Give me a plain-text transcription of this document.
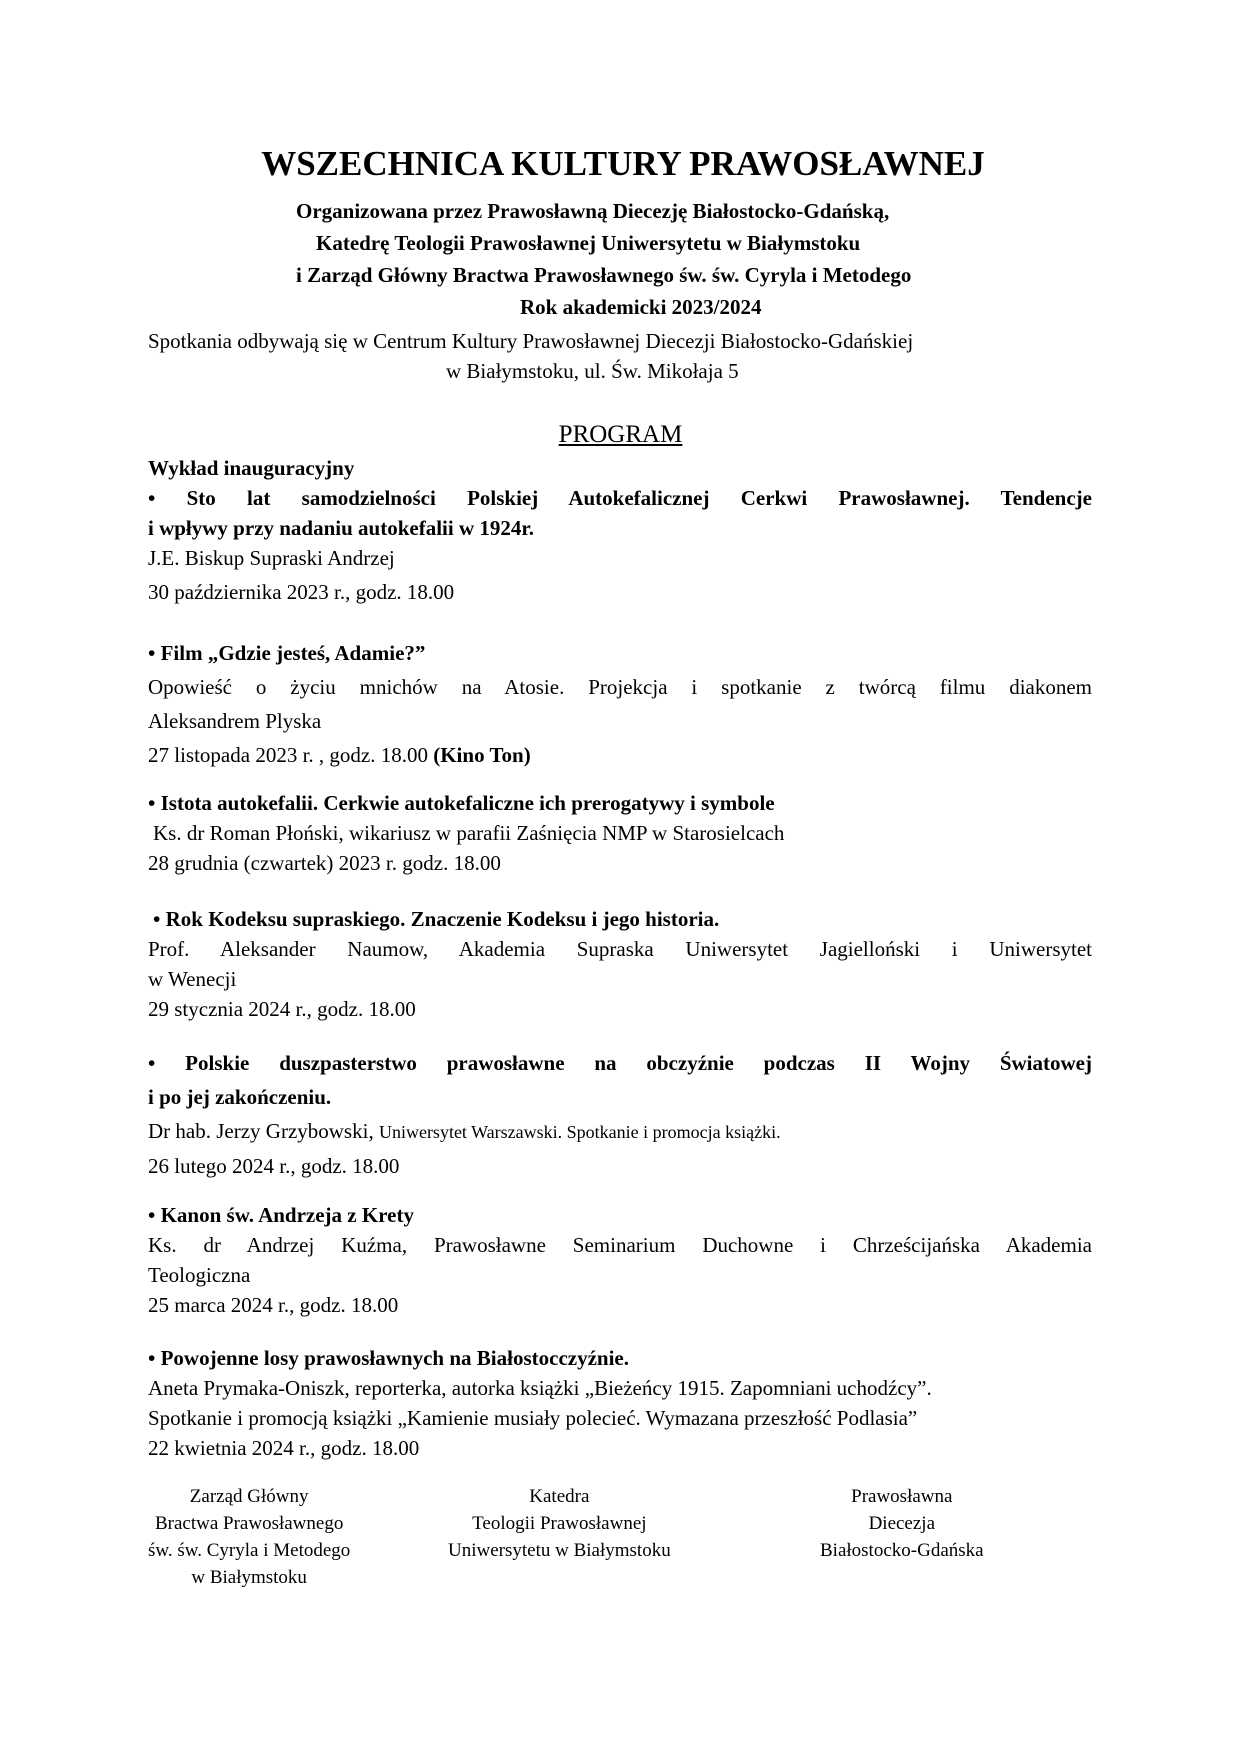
WSZECHNICA KULTURY PRAWOSŁAWNEJ
Organizowana przez Prawosławną Diecezję Białostocko-Gdańską,
Katedrę Teologii Prawosławnej Uniwersytetu w Białymstoku
i Zarząd Główny Bractwa Prawosławnego św. św. Cyryla i Metodego
Rok akademicki 2023/2024
Spotkania odbywają się w Centrum Kultury Prawosławnej Diecezji Białostocko-Gdańskiej
w Białymstoku, ul. Św. Mikołaja 5
PROGRAM
Wykład inauguracyjny
• Sto lat samodzielności Polskiej Autokefalicznej Cerkwi Prawosławnej. Tendencje
i wpływy przy nadaniu autokefalii w 1924r.
J.E. Biskup Supraski Andrzej
30 października 2023 r., godz. 18.00
• Film „Gdzie jesteś, Adamie?”
Opowieść o życiu mnichów na Atosie. Projekcja i spotkanie z twórcą filmu diakonem
Aleksandrem Plyska
27 listopada 2023 r. , godz. 18.00 (Kino Ton)
• Istota autokefalii. Cerkwie autokefaliczne ich prerogatywy i symbole
Ks. dr Roman Płoński, wikariusz w parafii Zaśnięcia NMP w Starosielcach
28 grudnia (czwartek) 2023 r. godz. 18.00
• Rok Kodeksu supraskiego. Znaczenie Kodeksu i jego historia.
Prof. Aleksander Naumow, Akademia Supraska Uniwersytet Jagielloński i Uniwersytet
w Wenecji
29 stycznia 2024 r., godz. 18.00
• Polskie duszpasterstwo prawosławne na obczyźnie podczas II Wojny Światowej
i po jej zakończeniu.
Dr hab. Jerzy Grzybowski, Uniwersytet Warszawski. Spotkanie i promocja książki.
26 lutego 2024 r., godz. 18.00
• Kanon św. Andrzeja z Krety
Ks. dr Andrzej Kuźma, Prawosławne Seminarium Duchowne i Chrześcijańska Akademia
Teologiczna
25 marca 2024 r., godz. 18.00
• Powojenne losy prawosławnych na Białostocczyźnie.
Aneta Prymaka-Oniszk, reporterka, autorka książki „Bieżeńcy 1915. Zapomniani uchodźcy”.
Spotkanie i promocją książki „Kamienie musiały polecieć. Wymazana przeszłość Podlasia”
22 kwietnia 2024 r., godz. 18.00
Zarząd Główny
Bractwa Prawosławnego
św. św. Cyryla i Metodego
w Białymstoku
Katedra
Teologii Prawosławnej
Uniwersytetu w Białymstoku
Prawosławna
Diecezja
Białostocko-Gdańska
